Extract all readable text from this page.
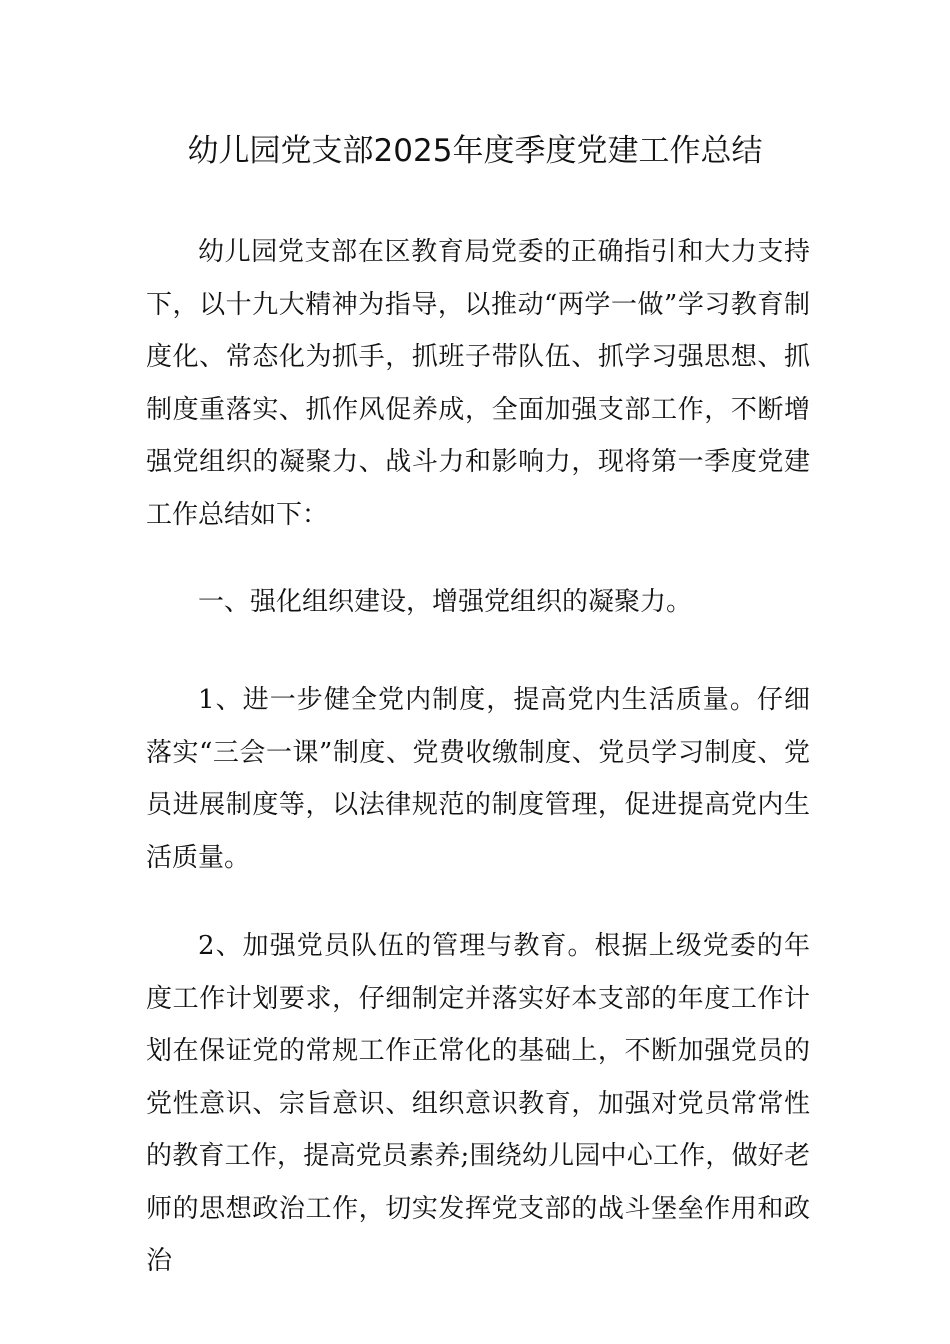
幼儿园党支部2025年度季度党建工作总结

幼儿园党支部在区教育局党委的正确指引和大力支持下，以十九大精神为指导，以推动“两学一做”学习教育制度化、常态化为抓手，抓班子带队伍、抓学习强思想、抓制度重落实、抓作风促养成，全面加强支部工作，不断增强党组织的凝聚力、战斗力和影响力，现将第一季度党建工作总结如下：

一、强化组织建设，增强党组织的凝聚力。

1、进一步健全党内制度，提高党内生活质量。仔细落实“三会一课”制度、党费收缴制度、党员学习制度、党员进展制度等，以法律规范的制度管理，促进提高党内生活质量。

2、加强党员队伍的管理与教育。根据上级党委的年度工作计划要求，仔细制定并落实好本支部的年度工作计划在保证党的常规工作正常化的基础上，不断加强党员的党性意识、宗旨意识、组织意识教育，加强对党员常常性的教育工作，提高党员素养;围绕幼儿园中心工作，做好老师的思想政治工作，切实发挥党支部的战斗堡垒作用和政治
